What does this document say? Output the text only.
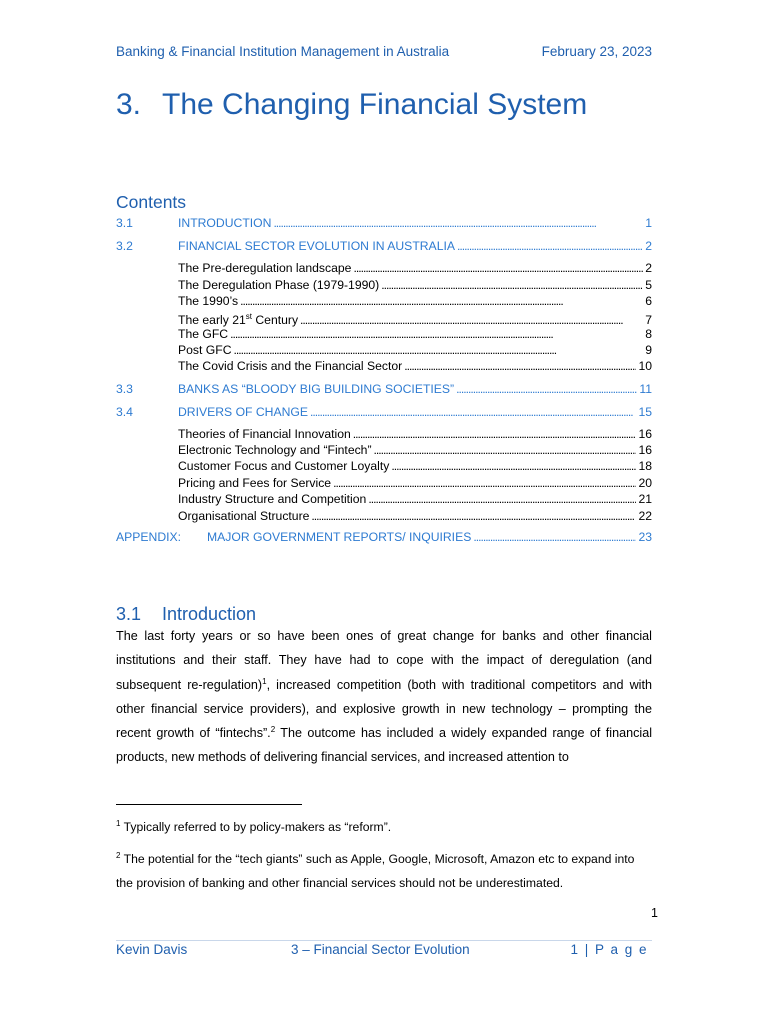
Banking & Financial Institution Management in Australia	February 23, 2023
3. The Changing Financial System
Contents
3.1	INTRODUCTION . . .	1
3.2	FINANCIAL SECTOR EVOLUTION IN AUSTRALIA . . .	2
The Pre-deregulation landscape . . .	2
The Deregulation Phase (1979-1990) . . .	5
The 1990’s . . .	6
The early 21st Century . . .	7
The GFC . . .	8
Post GFC . . .	9
The Covid Crisis and the Financial Sector . . .	10
3.3	BANKS AS “BLOODY BIG BUILDING SOCIETIES” . . .	11
3.4	DRIVERS OF CHANGE . . .	15
Theories of Financial Innovation . . .	16
Electronic Technology and “Fintech” . . .	16
Customer Focus and Customer Loyalty . . .	18
Pricing and Fees for Service . . .	20
Industry Structure and Competition . . .	21
Organisational Structure . . .	22
APPENDIX: MAJOR GOVERNMENT REPORTS/ INQUIRIES . . .	23
3.1 Introduction
The last forty years or so have been ones of great change for banks and other financial institutions and their staff. They have had to cope with the impact of deregulation (and subsequent re-regulation)$^1$, increased competition (both with traditional competitors and with other financial service providers), and explosive growth in new technology – prompting the recent growth of “fintechs”.$^2$ The outcome has included a widely expanded range of financial products, new methods of delivering financial services, and increased attention to
$^1$ Typically referred to by policy-makers as “reform”.
$^2$ The potential for the “tech giants” such as Apple, Google, Microsoft, Amazon etc to expand into the provision of banking and other financial services should not be underestimated.
1
Kevin Davis	3 – Financial Sector Evolution	1 | P a g e
